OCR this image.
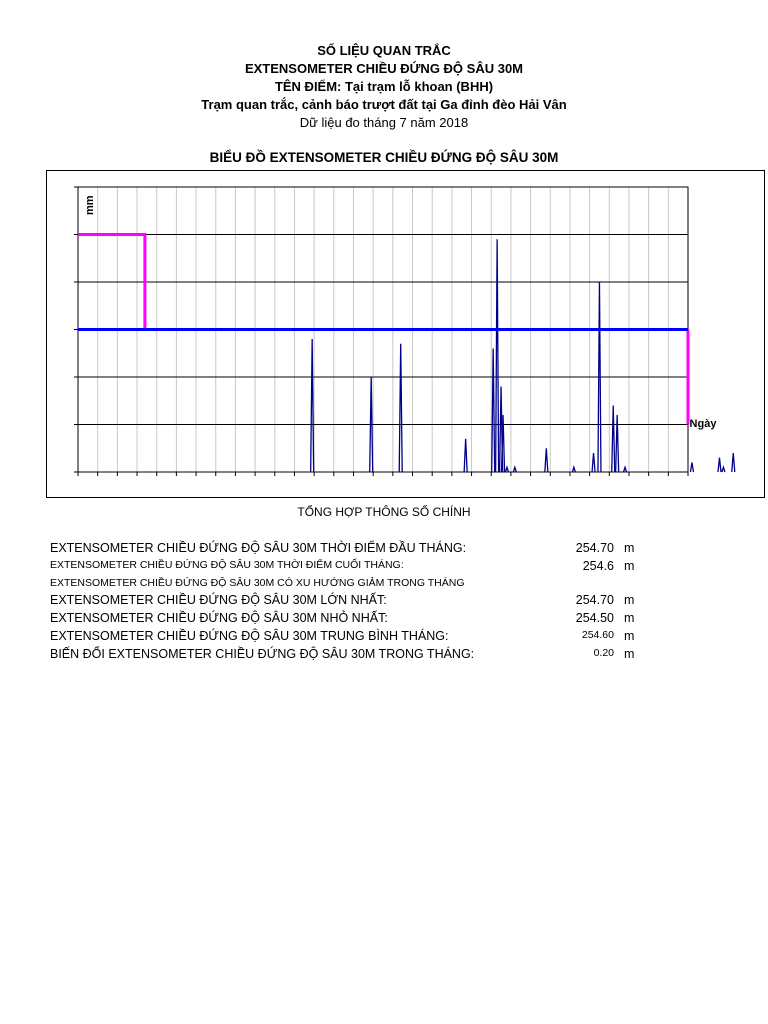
SỐ LIỆU QUAN TRẮC
EXTENSOMETER CHIỀU ĐỨNG ĐỘ SÂU 30M
TÊN ĐIỂM: Tại trạm lỗ khoan (BHH)
Trạm quan trắc, cảnh báo trượt đất tại Ga đỉnh đèo Hải Vân
Dữ liệu đo tháng 7 năm 2018
BIỂU ĐỒ EXTENSOMETER CHIỀU ĐỨNG ĐỘ SÂU 30M
mm
Ngày
TỔNG HỢP THÔNG SỐ CHÍNH
EXTENSOMETER CHIỀU ĐỨNG ĐỘ SÂU 30M THỜI ĐIỂM ĐẦU THÁNG:	254.70 m
EXTENSOMETER CHIỀU ĐỨNG ĐỘ SÂU 30M THỜI ĐIỂM CUỐI THÁNG:	254.6 m
EXTENSOMETER CHIỀU ĐỨNG ĐỘ SÂU 30M CÓ XU HƯỚNG GIẢM TRONG THÁNG
EXTENSOMETER CHIỀU ĐỨNG ĐỘ SÂU 30M LỚN NHẤT:	254.70 m
EXTENSOMETER CHIỀU ĐỨNG ĐỘ SÂU 30M NHỎ NHẤT:	254.50 m
EXTENSOMETER CHIỀU ĐỨNG ĐỘ SÂU 30M TRUNG BÌNH THÁNG:	254.60 m
BIẾN ĐỔI EXTENSOMETER CHIỀU ĐỨNG ĐỘ SÂU 30M TRONG THÁNG:	0.20 m
